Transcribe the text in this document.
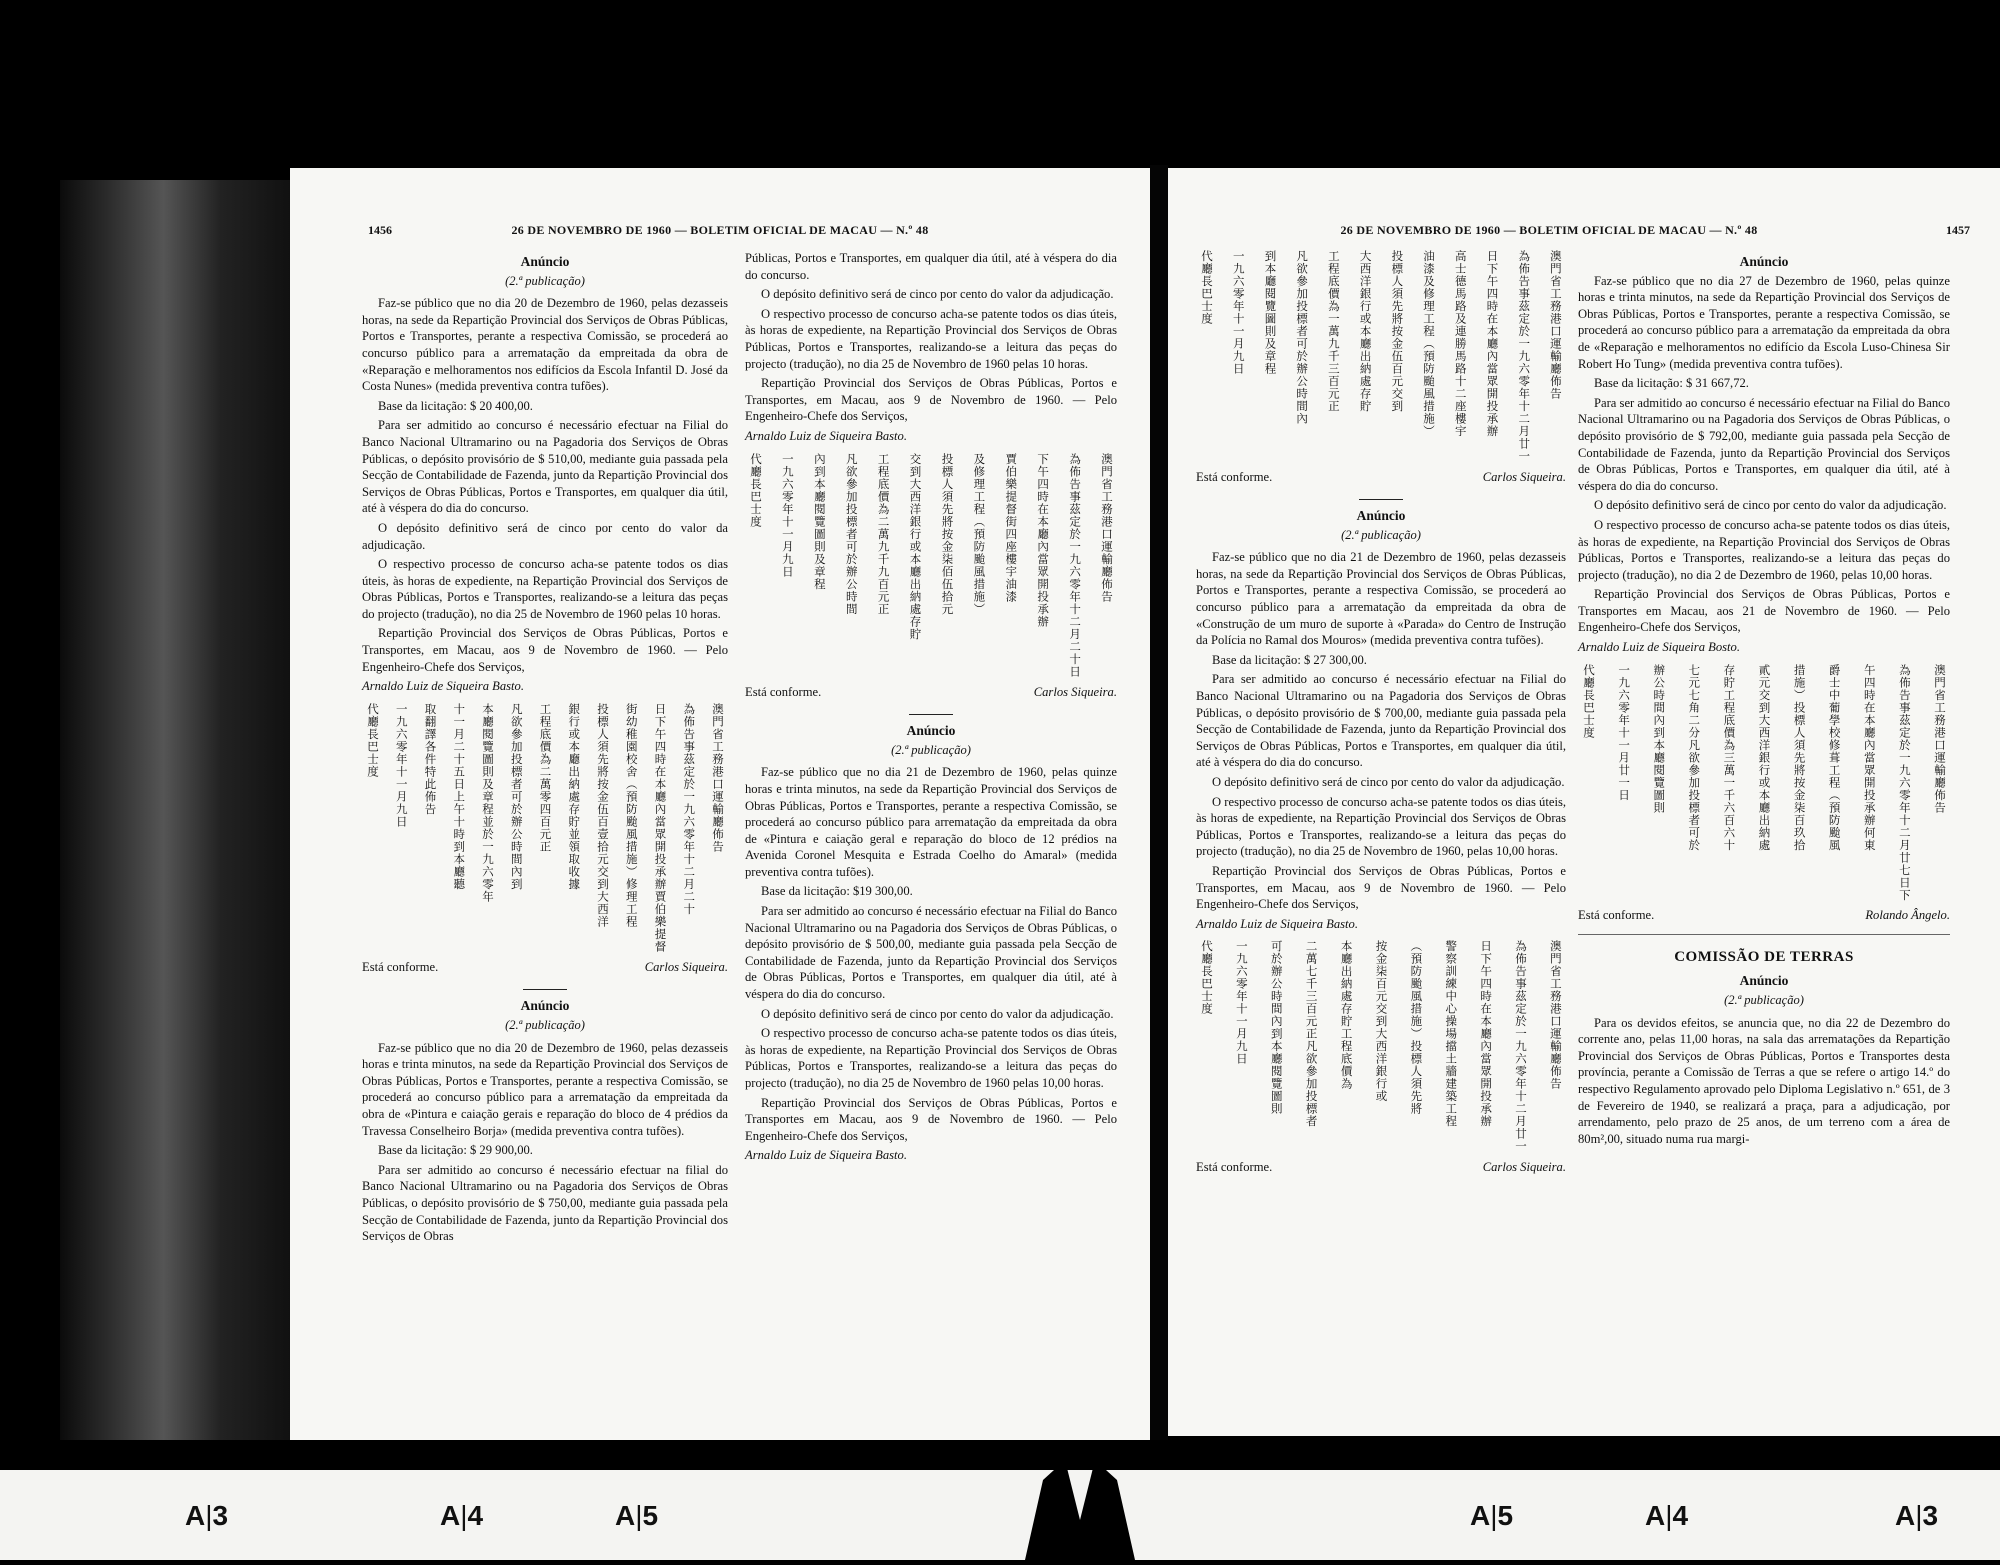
1456	26 DE NOVEMBRO DE 1960 — BOLETIM OFICIAL DE MACAU — N.º 48
Anúncio
(2.ª publicação)
Faz-se público que no dia 20 de Dezembro de 1960, pelas dezasseis horas, na sede da Repartição Provincial dos Serviços de Obras Públicas, Portos e Transportes, perante a respectiva Comissão, se procederá ao concurso público para a arrematação da empreitada da obra de «Reparação e melhoramentos nos edifícios da Escola Infantil D. José da Costa Nunes» (medida preventiva contra tufões).
Base da licitação: $ 20 400,00.
Para ser admitido ao concurso é necessário efectuar na Filial do Banco Nacional Ultramarino ou na Pagadoria dos Serviços de Obras Públicas, o depósito provisório de $ 510,00, mediante guia passada pela Secção de Contabilidade de Fazenda, junto da Repartição Provincial dos Serviços de Obras Públicas, Portos e Transportes, em qualquer dia útil, até à véspera do dia do concurso.
O depósito definitivo será de cinco por cento do valor da adjudicação.
O respectivo processo de concurso acha-se patente todos os dias úteis, às horas de expediente, na Repartição Provincial dos Serviços de Obras Públicas, Portos e Transportes, realizando-se a leitura das peças do projecto (tradução), no dia 25 de Novembro de 1960 pelas 10 horas.
Repartição Provincial dos Serviços de Obras Públicas, Portos e Transportes, em Macau, aos 9 de Novembro de 1960. — Pelo Engenheiro-Chefe dos Serviços,
Arnaldo Luiz de Siqueira Basto.
澳門省工務港口運輸廳佈告
為佈告事茲定於一九六零年十二月二十
日下午四時在本廳內當眾開投承辦賈伯樂提督
街幼稚園校舍（預防颱風措施）修理工程
投標人須先將按金伍百壹拾元交到大西洋
銀行或本廳出納處存貯並領取收據
工程底價為二萬零四百元正
凡欲參加投標者可於辦公時間內到
本廳閱覽圖則及章程並於一九六零年
十一月二十五日上午十時到本廳聽
取翻譯各件特此佈告
一九六零年十一月九日
代廳長巴士度
Está conforme.	Carlos Siqueira.
Anúncio
(2.ª publicação)
Faz-se público que no dia 20 de Dezembro de 1960, pelas dezasseis horas e trinta minutos, na sede da Repartição Provincial dos Serviços de Obras Públicas, Portos e Transportes, perante a respectiva Comissão, se procederá ao concurso público para a arrematação da empreitada da obra de «Pintura e caiação gerais e reparação do bloco de 4 prédios da Travessa Conselheiro Borja» (medida preventiva contra tufões).
Base da licitação: $ 29 900,00.
Para ser admitido ao concurso é necessário efectuar na filial do Banco Nacional Ultramarino ou na Pagadoria dos Serviços de Obras Públicas, o depósito provisório de $ 750,00, mediante guia passada pela Secção de Contabilidade de Fazenda, junto da Repartição Provincial dos Serviços de Obras
Públicas, Portos e Transportes, em qualquer dia útil, até à véspera do dia do concurso.
O depósito definitivo será de cinco por cento do valor da adjudicação.
O respectivo processo de concurso acha-se patente todos os dias úteis, às horas de expediente, na Repartição Provincial dos Serviços de Obras Públicas, Portos e Transportes, realizando-se a leitura das peças do projecto (tradução), no dia 25 de Novembro de 1960 pelas 10 horas.
Repartição Provincial dos Serviços de Obras Públicas, Portos e Transportes, em Macau, aos 9 de Novembro de 1960. — Pelo Engenheiro-Chefe dos Serviços,
Arnaldo Luiz de Siqueira Basto.
澳門省工務港口運輸廳佈告
為佈告事茲定於一九六零年十二月二十日
下午四時在本廳內當眾開投承辦
賈伯樂提督街四座樓宇油漆
及修理工程（預防颱風措施）
投標人須先將按金柒佰伍拾元
交到大西洋銀行或本廳出納處存貯
工程底價為二萬九千九百元正
凡欲參加投標者可於辦公時間
內到本廳閱覽圖則及章程
一九六零年十一月九日
代廳長巴士度
Está conforme.	Carlos Siqueira.
Anúncio
(2.ª publicação)
Faz-se público que no dia 21 de Dezembro de 1960, pelas quinze horas e trinta minutos, na sede da Repartição Provincial dos Serviços de Obras Públicas, Portos e Transportes, perante a respectiva Comissão, se procederá ao concurso público para arrematação da empreitada da obra de «Pintura e caiação geral e reparação do bloco de 12 prédios na Avenida Coronel Mesquita e Estrada Coelho do Amaral» (medida preventiva contra tufões).
Base da licitação: $19 300,00.
Para ser admitido ao concurso é necessário efectuar na Filial do Banco Nacional Ultramarino ou na Pagadoria dos Serviços de Obras Públicas, o depósito provisório de $ 500,00, mediante guia passada pela Secção de Contabilidade de Fazenda, junto da Repartição Provincial dos Serviços de Obras Públicas, Portos e Transportes, em qualquer dia útil, até à véspera do dia do concurso.
O depósito definitivo será de cinco por cento do valor da adjudicação.
O respectivo processo de concurso acha-se patente todos os dias úteis, às horas de expediente, na Repartição Provincial dos Serviços de Obras Públicas, Portos e Transportes, realizando-se a leitura das peças do projecto (tradução), no dia 25 de Novembro de 1960 pelas 10,00 horas.
Repartição Provincial dos Serviços de Obras Públicas, Portos e Transportes em Macau, aos 9 de Novembro de 1960. — Pelo Engenheiro-Chefe dos Serviços,
Arnaldo Luiz de Siqueira Basto.
26 DE NOVEMBRO DE 1960 — BOLETIM OFICIAL DE MACAU — N.º 48	1457
澳門省工務港口運輸廳佈告
為佈告事茲定於一九六零年十二月廿一
日下午四時在本廳內當眾開投承辦
高士德馬路及連勝馬路十二座樓宇
油漆及修理工程（預防颱風措施）
投標人須先將按金伍百元交到
大西洋銀行或本廳出納處存貯
工程底價為一萬九千三百元正
凡欲參加投標者可於辦公時間內
到本廳閱覽圖則及章程
一九六零年十一月九日
代廳長巴士度
Está conforme.	Carlos Siqueira.
Anúncio
(2.ª publicação)
Faz-se público que no dia 21 de Dezembro de 1960, pelas dezasseis horas, na sede da Repartição Provincial dos Serviços de Obras Públicas, Portos e Transportes, perante a respectiva Comissão, se procederá ao concurso público para a arrematação da empreitada da obra de «Construção de um muro de suporte à «Parada» do Centro de Instrução da Polícia no Ramal dos Mouros» (medida preventiva contra tufões).
Base da licitação: $ 27 300,00.
Para ser admitido ao concurso é necessário efectuar na Filial do Banco Nacional Ultramarino ou na Pagadoria dos Serviços de Obras Públicas, o depósito provisório de $ 700,00, mediante guia passada pela Secção de Contabilidade de Fazenda, junto da Repartição Provincial dos Serviços de Obras Públicas, Portos e Transportes, em qualquer dia útil, até à véspera do dia do concurso.
O depósito definitivo será de cinco por cento do valor da adjudicação.
O respectivo processo de concurso acha-se patente todos os dias úteis, às horas de expediente, na Repartição Provincial dos Serviços de Obras Públicas, Portos e Transportes, realizando-se a leitura das peças do projecto (tradução), no dia 25 de Novembro de 1960, pelas 10,00 horas.
Repartição Provincial dos Serviços de Obras Públicas, Portos e Transportes, em Macau, aos 9 de Novembro de 1960. — Pelo Engenheiro-Chefe dos Serviços,
Arnaldo Luiz de Siqueira Basto.
澳門省工務港口運輸廳佈告
為佈告事茲定於一九六零年十二月廿一
日下午四時在本廳內當眾開投承辦
警察訓練中心操場擋土牆建築工程
（預防颱風措施）投標人須先將
按金柒百元交到大西洋銀行或
本廳出納處存貯工程底價為
二萬七千三百元正凡欲參加投標者
可於辦公時間內到本廳閱覽圖則
一九六零年十一月九日
代廳長巴士度
Está conforme.	Carlos Siqueira.
Anúncio
Faz-se público que no dia 27 de Dezembro de 1960, pelas quinze horas e trinta minutos, na sede da Repartição Provincial dos Serviços de Obras Públicas, Portos e Transportes, perante a respectiva Comissão, se procederá ao concurso público para a arrematação da empreitada da obra de «Reparação e melhoramentos no edifício da Escola Luso-Chinesa Sir Robert Ho Tung» (medida preventiva contra tufões).
Base da licitação: $ 31 667,72.
Para ser admitido ao concurso é necessário efectuar na Filial do Banco Nacional Ultramarino ou na Pagadoria dos Serviços de Obras Públicas, o depósito provisório de $ 792,00, mediante guia passada pela Secção de Contabilidade de Fazenda, junto da Repartição Provincial dos Serviços de Obras Públicas, Portos e Transportes, em qualquer dia útil, até à véspera do dia do concurso.
O depósito definitivo será de cinco por cento do valor da adjudicação.
O respectivo processo de concurso acha-se patente todos os dias úteis, às horas de expediente, na Repartição Provincial dos Serviços de Obras Públicas, Portos e Transportes, realizando-se a leitura das peças do projecto (tradução), no dia 2 de Dezembro de 1960, pelas 10,00 horas.
Repartição Provincial dos Serviços de Obras Públicas, Portos e Transportes em Macau, aos 21 de Novembro de 1960. — Pelo Engenheiro-Chefe dos Serviços,
Arnaldo Luiz de Siqueira Bosto.
澳門省工務港口運輸廳佈告
為佈告事茲定於一九六零年十二月廿七日下
午四時在本廳內當眾開投承辦何東
爵士中葡學校修葺工程（預防颱風
措施）投標人須先將按金柒百玖拾
貳元交到大西洋銀行或本廳出納處
存貯工程底價為三萬一千六百六十
七元七角二分凡欲參加投標者可於
辦公時間內到本廳閱覽圖則
一九六零年十一月廿一日
代廳長巴士度
Está conforme.	Rolando Ângelo.
COMISSÃO DE TERRAS
Anúncio
(2.ª publicação)
Para os devidos efeitos, se anuncia que, no dia 22 de Dezembro do corrente ano, pelas 11,00 horas, na sala das arrematações da Repartição Provincial dos Serviços de Obras Públicas, Portos e Transportes desta província, perante a Comissão de Terras a que se refere o artigo 14.º do respectivo Regulamento aprovado pelo Diploma Legislativo n.º 651, de 3 de Fevereiro de 1940, se realizará a praça, para a adjudicação, por arrendamento, pelo prazo de 25 anos, de um terreno com a área de 80m²,00, situado numa rua margi-
A|3	A|4	A|5	A|5	A|4	A|3
